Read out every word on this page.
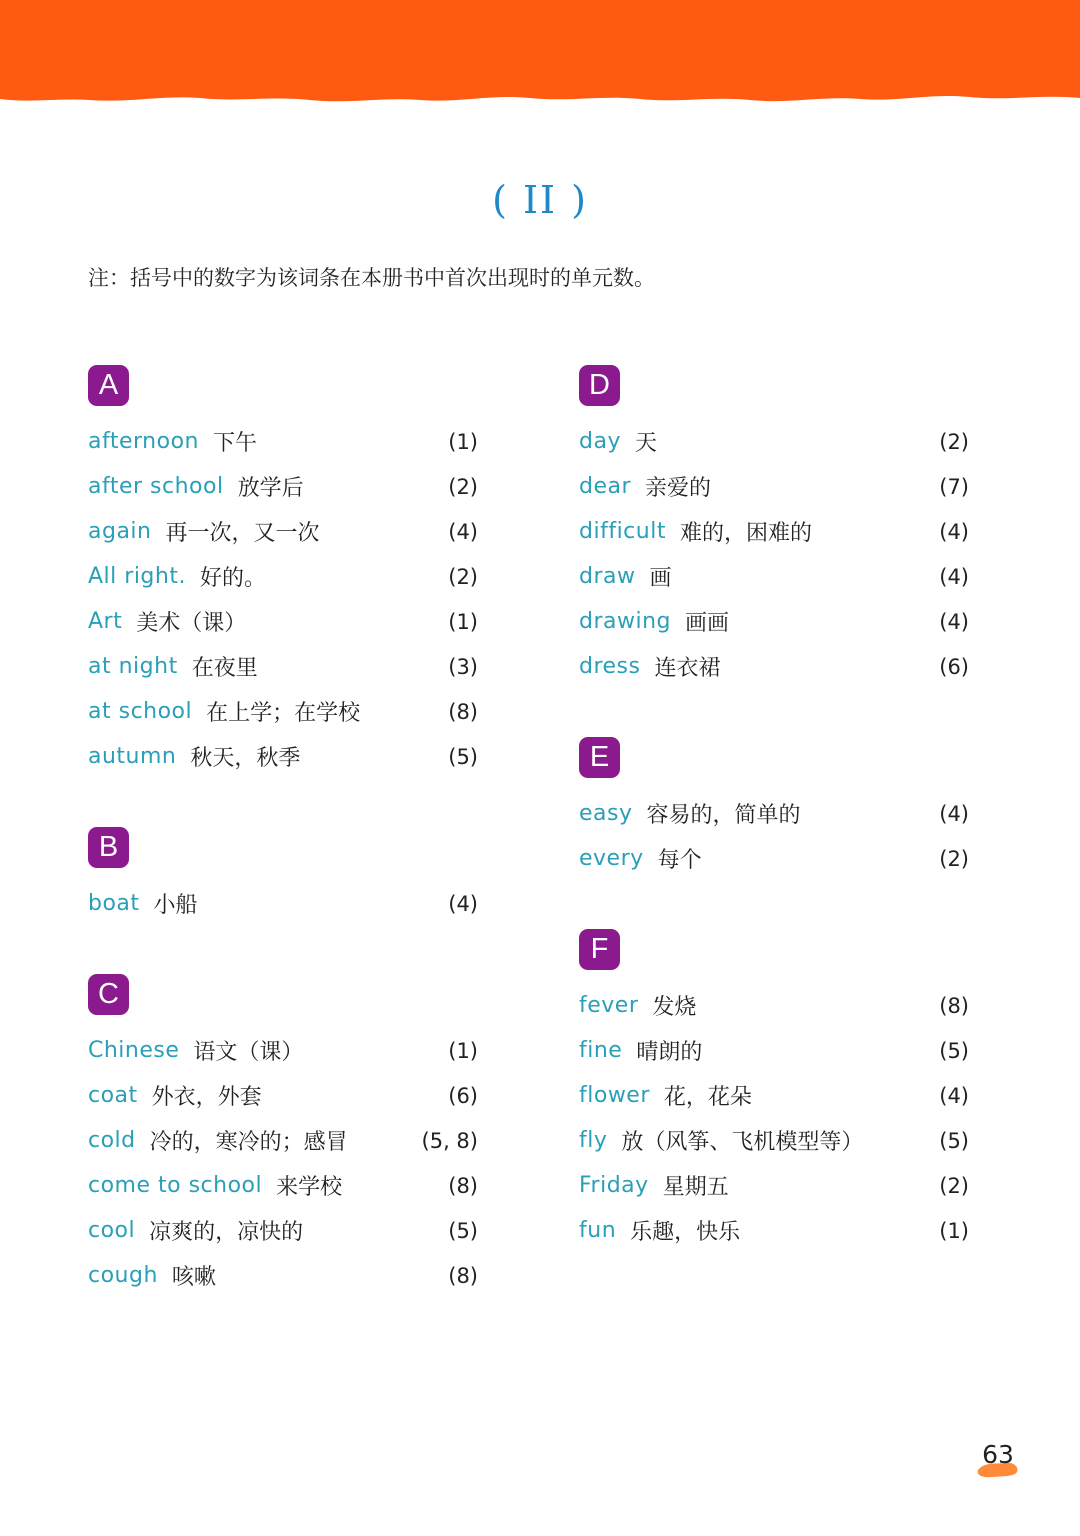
( II )
注：括号中的数字为该词条在本册书中首次出现时的单元数。
A
afternoon 下午	(1)
after school 放学后	(2)
again 再一次，又一次	(4)
All right. 好的。	(2)
Art 美术（课）	(1)
at night 在夜里	(3)
at school 在上学；在学校	(8)
autumn 秋天，秋季	(5)
B
boat 小船	(4)
C
Chinese 语文（课）	(1)
coat 外衣，外套	(6)
cold 冷的，寒冷的；感冒	(5, 8)
come to school 来学校	(8)
cool 凉爽的，凉快的	(5)
cough 咳嗽	(8)
D
day 天	(2)
dear 亲爱的	(7)
difficult 难的，困难的	(4)
draw 画	(4)
drawing 画画	(4)
dress 连衣裙	(6)
E
easy 容易的，简单的	(4)
every 每个	(2)
F
fever 发烧	(8)
fine 晴朗的	(5)
flower 花，花朵	(4)
fly 放（风筝、飞机模型等）	(5)
Friday 星期五	(2)
fun 乐趣，快乐	(1)
63
